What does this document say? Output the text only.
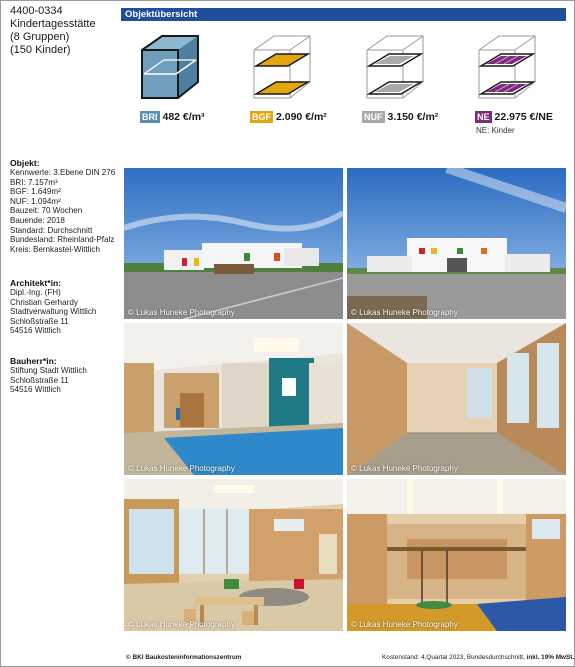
4400-0334
Kindertagesstätte
(8 Gruppen)
(150 Kinder)
Objekt:
Kennwerte: 3.Ebene DIN 276
BRI: 7.157m³
BGF: 1.649m²
NUF: 1.094m²
Bauzeit: 70 Wochen
Bauende: 2018
Standard: Durchschnitt
Bundesland: Rheinland-Pfalz
Kreis: Bernkastel-Wittlich
Architekt*in:
Dipl.-Ing. (FH)
Christian Gerhardy
Stadtverwaltung Wittlich
Schloßstraße 11
54516 Wittlich
Bauherr*in:
Stiftung Stadt Wittlich
Schloßstraße 11
54516 Wittlich
Objektübersicht
BRI 482 €/m³	BGF 2.090 €/m²	NUF 3.150 €/m²	NE 22.975 €/NE
NE: Kinder
© Lukas Huneke Photography	© Lukas Huneke Photography
© Lukas Huneke Photography	© Lukas Huneke Photography
© Lukas Huneke Photography	© Lukas Huneke Photography
© BKI Baukosteninformationszentrum	Kostenstand: 4.Quartal 2023, Bundesdurchschnitt, inkl. 19% MwSt.
